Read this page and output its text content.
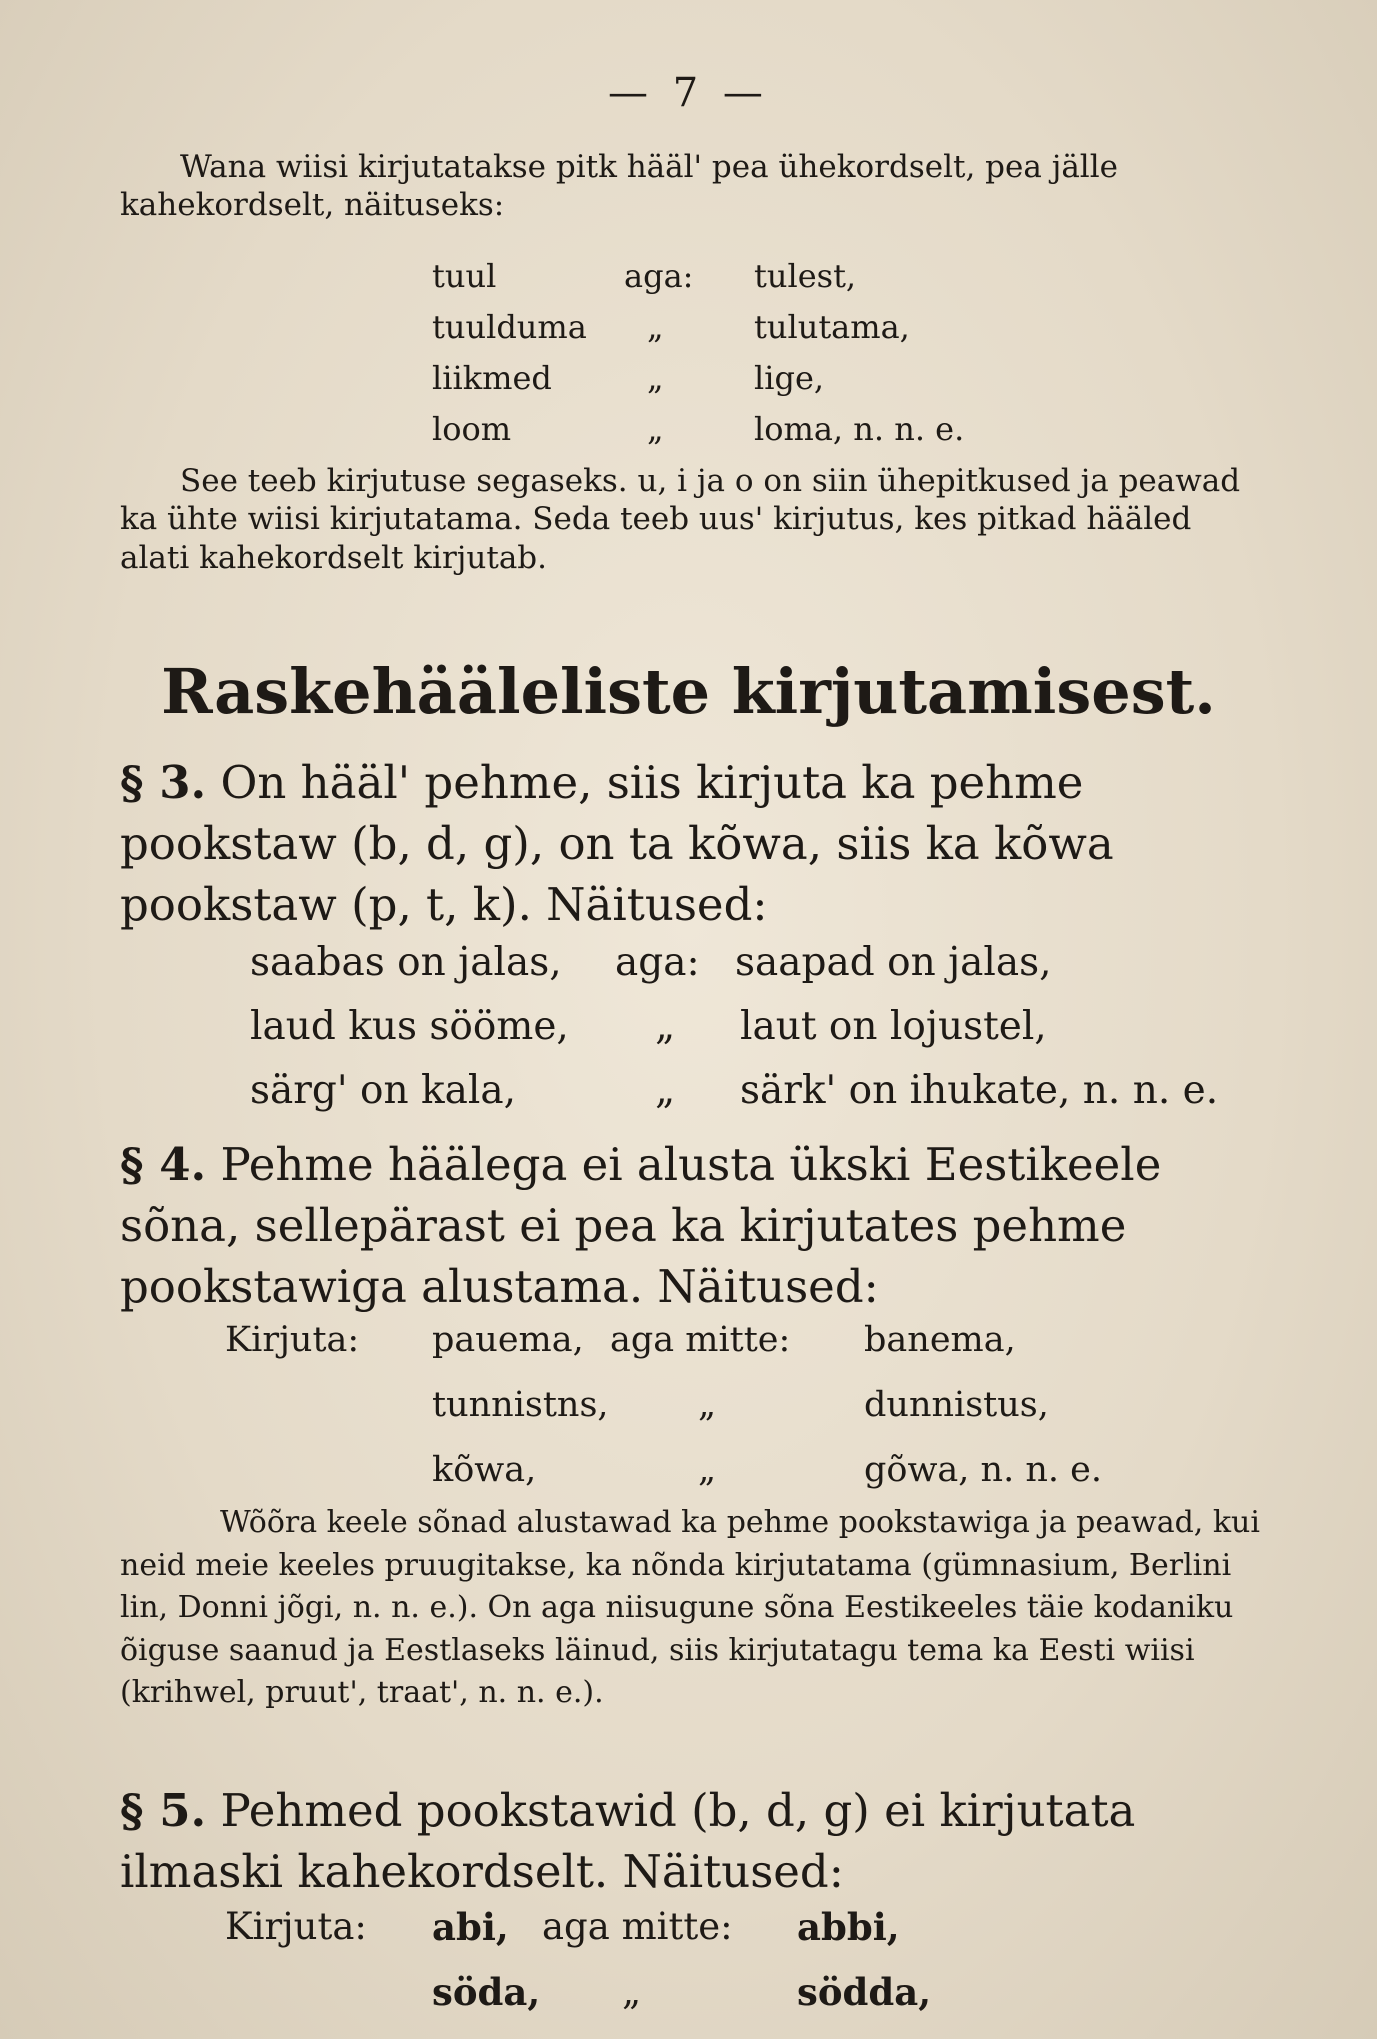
— 7 —

Wana wiisi kirjutatakse pitk hääl' pea ühekordselt, pea jälle kahekordselt, näituseks:

tuul	aga: tulest,
tuulduma „	tulutama,
liikmed	„	lige,
loom	„	loma, n. n. e.

See teeb kirjutuse segaseks. u, i ja o on siin ühepitkused ja peawad ka ühte wiisi kirjutatama. Seda teeb uus' kirjutus, kes pitkad hääled alati kahekordselt kirjutab.

Raskehääleliste kirjutamisest.

§ 3. On hääl' pehme, siis kirjuta ka pehme pookstaw (b, d, g), on ta kõwa, siis ka kõwa pookstaw (p, t, k). Näitused:

saabas on jalas, aga: saapad on jalas,
laud kus sööme, „ laut on lojustel,
särg' on kala,	„ särk' on ihukate, n. n. e.

§ 4. Pehme häälega ei alusta ükski Eestikeele sõna, sellepärast ei pea ka kirjutates pehme pookstawiga alustama. Näitused:

Kirjuta: pauema, aga mitte: banema,
tunnistns,	„	dunnistus,
kõwa,	„	gõwa, n. n. e.

Wõõra keele sõnad alustawad ka pehme pookstawiga ja peawad, kui neid meie keeles pruugitakse, ka nõnda kirjutatama (gümnasium, Berlini lin, Donni jõgi, n. n. e.). On aga niisugune sõna Eestikeeles täie kodaniku õiguse saanud ja Eestlaseks läinud, siis kirjutatagu tema ka Eesti wiisi (krihwel, pruut', traat', n. n. e.).

§ 5. Pehmed pookstawid (b, d, g) ei kirjutata ilmaski kahekordselt. Näitused:

Kirjuta: abi, aga mitte: abbi,
söda, „	södda,
